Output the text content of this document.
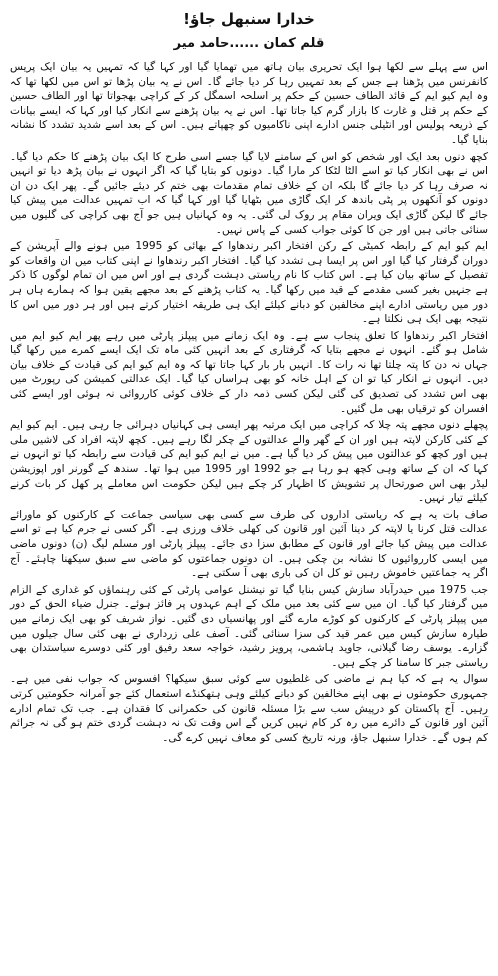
خدارا سنبھل جاؤ!
قلم کمان ......حامد میر

اس سے پہلے سے لکھا ہوا ایک تحریری بیان ہاتھ میں تھمایا گیا اور کہا گیا کہ تمہیں یہ بیان ایک پریس کانفرنس میں پڑھنا ہے جس کے بعد تمہیں رہا کر دیا جائے گا۔ اس نے یہ بیان پڑھا تو اس میں لکھا تھا کہ وہ ایم کیو ایم کے قائد الطاف حسین کے حکم پر اسلحہ اسمگل کر کے کراچی بھجواتا تھا اور الطاف حسین کے حکم پر قتل و غارت کا بازار گرم کیا جاتا تھا۔ اس نے یہ بیان پڑھنے سے انکار کیا اور کہا کہ ایسے بیانات کے ذریعہ پولیس اور انٹیلی جنس ادارے اپنی ناکامیوں کو چھپاتے ہیں۔ اس کے بعد اسے شدید تشدد کا نشانہ بنایا گیا۔

کچھ دنوں بعد ایک اور شخص کو اس کے سامنے لایا گیا جسے اسی طرح کا ایک بیان پڑھنے کا حکم دیا گیا۔ اس نے بھی انکار کیا تو اسے الٹا لٹکا کر مارا گیا۔ دونوں کو بتایا گیا کہ اگر انہوں نے بیان پڑھ دیا تو انہیں نہ صرف رہا کر دیا جائے گا بلکہ ان کے خلاف تمام مقدمات بھی ختم کر دیئے جائیں گے۔ پھر ایک دن ان دونوں کو آنکھوں پر پٹی باندھ کر ایک گاڑی میں بٹھایا گیا اور کہا گیا کہ اب تمہیں عدالت میں پیش کیا جائے گا لیکن گاڑی ایک ویران مقام پر روک لی گئی۔ یہ وہ کہانیاں ہیں جو آج بھی کراچی کی گلیوں میں سنائی جاتی ہیں اور جن کا کوئی جواب کسی کے پاس نہیں۔

ایم کیو ایم کے رابطہ کمیٹی کے رکن افتخار اکبر رندھاوا کے بھائی کو 1995 میں ہونے والے آپریشن کے دوران گرفتار کیا گیا اور اس پر ایسا ہی تشدد کیا گیا۔ افتخار اکبر رندھاوا نے اپنی کتاب میں ان واقعات کو تفصیل کے ساتھ بیان کیا ہے۔ اس کتاب کا نام ریاستی دہشت گردی ہے اور اس میں ان تمام لوگوں کا ذکر ہے جنہیں بغیر کسی مقدمے کے قید میں رکھا گیا۔ یہ کتاب پڑھنے کے بعد مجھے یقین ہوا کہ ہمارے ہاں ہر دور میں ریاستی ادارے اپنے مخالفین کو دبانے کیلئے ایک ہی طریقہ اختیار کرتے ہیں اور ہر دور میں اس کا نتیجہ بھی ایک ہی نکلتا ہے۔

افتخار اکبر رندھاوا کا تعلق پنجاب سے ہے۔ وہ ایک زمانے میں پیپلز پارٹی میں رہے پھر ایم کیو ایم میں شامل ہو گئے۔ انہوں نے مجھے بتایا کہ گرفتاری کے بعد انہیں کئی ماہ تک ایک ایسے کمرے میں رکھا گیا جہاں نہ دن کا پتہ چلتا تھا نہ رات کا۔ انہیں بار بار کہا جاتا تھا کہ وہ ایم کیو ایم کی قیادت کے خلاف بیان دیں۔ انہوں نے انکار کیا تو ان کے اہل خانہ کو بھی ہراساں کیا گیا۔ ایک عدالتی کمیشن کی رپورٹ میں بھی اس تشدد کی تصدیق کی گئی لیکن کسی ذمہ دار کے خلاف کوئی کارروائی نہ ہوئی اور ایسے کئی افسران کو ترقیاں بھی مل گئیں۔

پچھلے دنوں مجھے پتہ چلا کہ کراچی میں ایک مرتبہ پھر ایسی ہی کہانیاں دہرائی جا رہی ہیں۔ ایم کیو ایم کے کئی کارکن لاپتہ ہیں اور ان کے گھر والے عدالتوں کے چکر لگا رہے ہیں۔ کچھ لاپتہ افراد کی لاشیں ملی ہیں اور کچھ کو عدالتوں میں پیش کر دیا گیا ہے۔ میں نے ایم کیو ایم کی قیادت سے رابطہ کیا تو انہوں نے کہا کہ ان کے ساتھ وہی کچھ ہو رہا ہے جو 1992 اور 1995 میں ہوا تھا۔ سندھ کے گورنر اور اپوزیشن لیڈر بھی اس صورتحال پر تشویش کا اظہار کر چکے ہیں لیکن حکومت اس معاملے پر کھل کر بات کرنے کیلئے تیار نہیں۔

صاف بات یہ ہے کہ ریاستی اداروں کی طرف سے کسی بھی سیاسی جماعت کے کارکنوں کو ماورائے عدالت قتل کرنا یا لاپتہ کر دینا آئین اور قانون کی کھلی خلاف ورزی ہے۔ اگر کسی نے جرم کیا ہے تو اسے عدالت میں پیش کیا جائے اور قانون کے مطابق سزا دی جائے۔ پیپلز پارٹی اور مسلم لیگ (ن) دونوں ماضی میں ایسی کارروائیوں کا نشانہ بن چکی ہیں۔ ان دونوں جماعتوں کو ماضی سے سبق سیکھنا چاہئے۔ آج اگر یہ جماعتیں خاموش رہیں تو کل ان کی باری بھی آ سکتی ہے۔

جب 1975 میں حیدرآباد سازش کیس بنایا گیا تو نیشنل عوامی پارٹی کے کئی رہنماؤں کو غداری کے الزام میں گرفتار کیا گیا۔ ان میں سے کئی بعد میں ملک کے اہم عہدوں پر فائز ہوئے۔ جنرل ضیاء الحق کے دور میں پیپلز پارٹی کے کارکنوں کو کوڑے مارے گئے اور پھانسیاں دی گئیں۔ نواز شریف کو بھی ایک زمانے میں طیارہ سازش کیس میں عمر قید کی سزا سنائی گئی۔ آصف علی زرداری نے بھی کئی سال جیلوں میں گزارے۔ یوسف رضا گیلانی، جاوید ہاشمی، پرویز رشید، خواجہ سعد رفیق اور کئی دوسرے سیاستدان بھی ریاستی جبر کا سامنا کر چکے ہیں۔

سوال یہ ہے کہ کیا ہم نے ماضی کی غلطیوں سے کوئی سبق سیکھا؟ افسوس کہ جواب نفی میں ہے۔ جمہوری حکومتوں نے بھی اپنے مخالفین کو دبانے کیلئے وہی ہتھکنڈے استعمال کئے جو آمرانہ حکومتیں کرتی رہیں۔ آج پاکستان کو درپیش سب سے بڑا مسئلہ قانون کی حکمرانی کا فقدان ہے۔ جب تک تمام ادارے آئین اور قانون کے دائرے میں رہ کر کام نہیں کریں گے اس وقت تک نہ دہشت گردی ختم ہو گی نہ جرائم کم ہوں گے۔ خدارا سنبھل جاؤ، ورنہ تاریخ کسی کو معاف نہیں کرے گی۔
